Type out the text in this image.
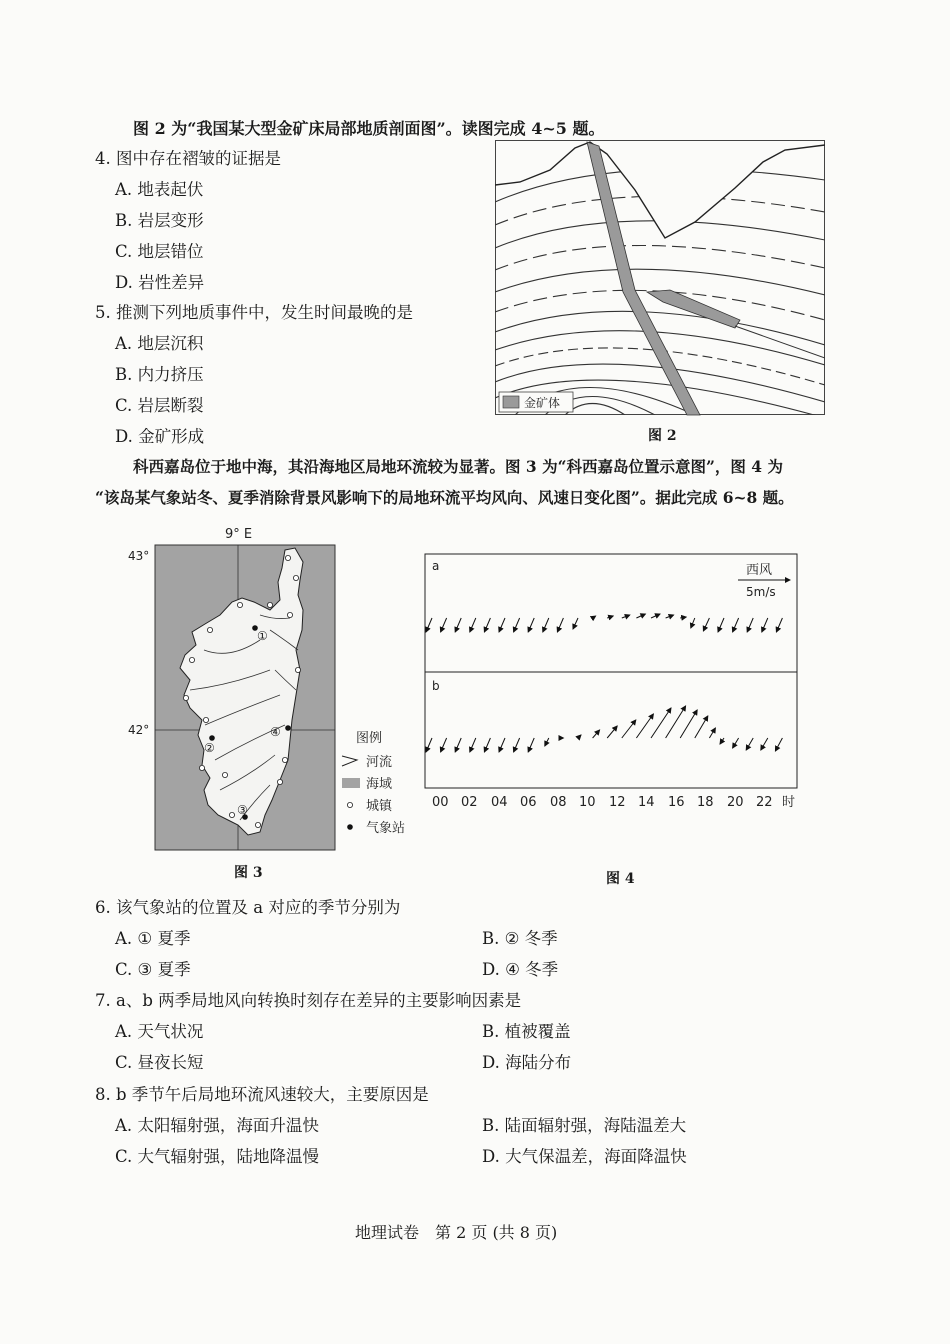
图 2 为“我国某大型金矿床局部地质剖面图”。读图完成 4~5 题。
4. 图中存在褶皱的证据是
A. 地表起伏
B. 岩层变形
C. 地层错位
D. 岩性差异
5. 推测下列地质事件中，发生时间最晚的是
A. 地层沉积
B. 内力挤压
C. 岩层断裂
D. 金矿形成
金矿体
图 2
科西嘉岛位于地中海，其沿海地区局地环流较为显著。图 3 为“科西嘉岛位置示意图”，图 4 为
“该岛某气象站冬、夏季消除背景风影响下的局地环流平均风向、风速日变化图”。据此完成 6~8 题。
9° E
43°
42°
①
②
③
④	图例
河流
海域
城镇
气象站
图 3
a
b
西风
5m/s
00 02 04 06 08 10 12 14 16 18 20 22 时
图 4
6. 该气象站的位置及 a 对应的季节分别为
A. ① 夏季	B. ② 冬季
C. ③ 夏季	D. ④ 冬季
7. a、b 两季局地风向转换时刻存在差异的主要影响因素是
A. 天气状况	B. 植被覆盖
C. 昼夜长短	D. 海陆分布
8. b 季节午后局地环流风速较大，主要原因是
A. 太阳辐射强，海面升温快	B. 陆面辐射强，海陆温差大
C. 大气辐射强，陆地降温慢	D. 大气保温差，海面降温快
地理试卷　第 2 页 (共 8 页)
